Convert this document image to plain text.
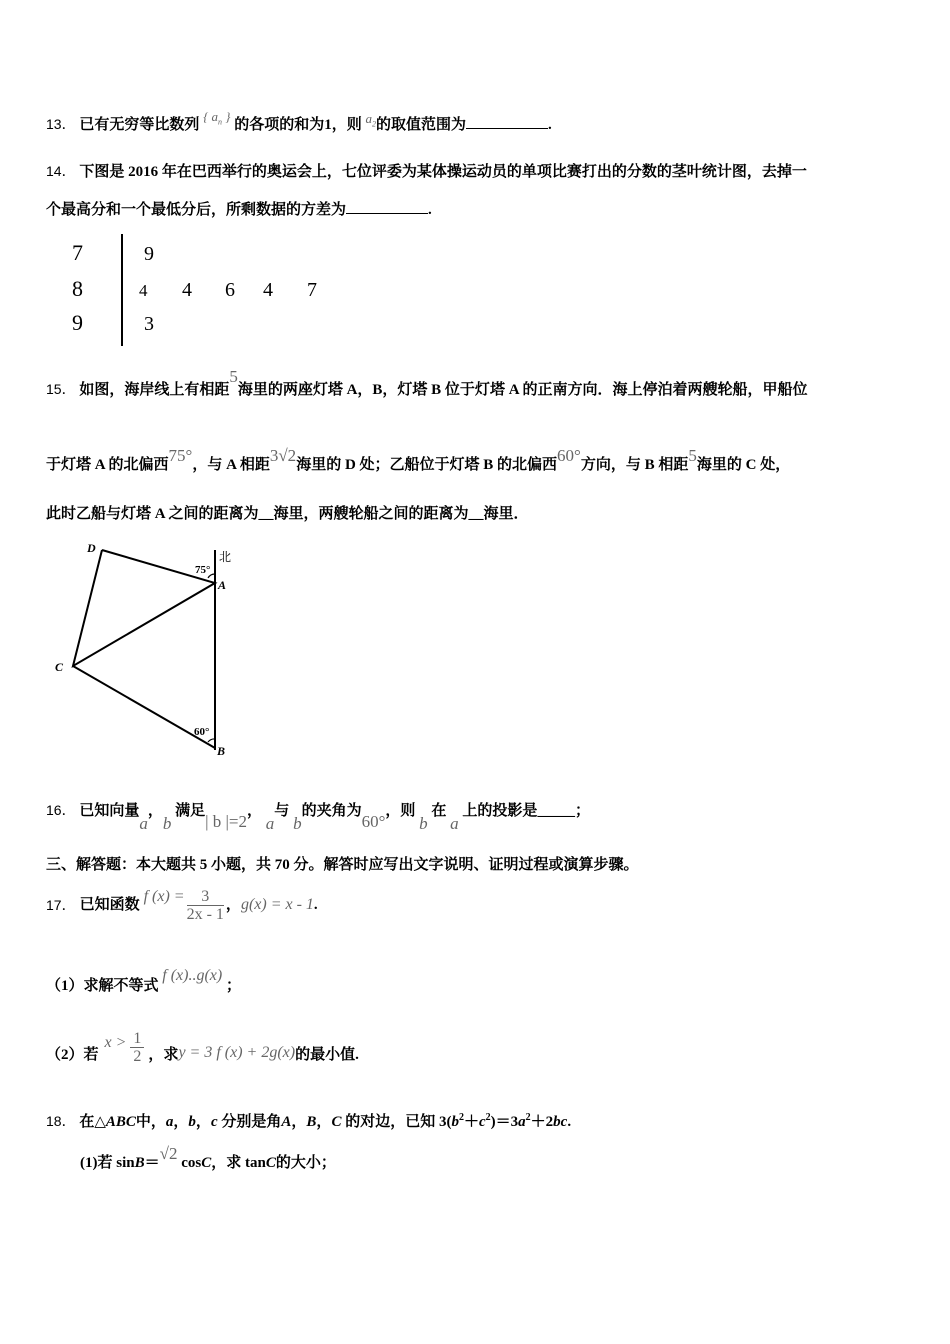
13． 已有无穷等比数列 { $a_n$ } 的各项的和为1，则 $a_2$的取值范围为	.
14． 下图是 2016 年在巴西举行的奥运会上，七位评委为某体操运动员的单项比赛打出的分数的茎叶统计图，去掉一
个最高分和一个最低分后，所剩数据的方差为	.
7
8
9
9
4 4 6 4 7
3
15． 如图，海岸线上有相距5海里的两座灯塔 A，B，灯塔 B 位于灯塔 A 的正南方向．海上停泊着两艘轮船，甲船位
于灯塔 A 的北偏西75°，与 A 相距3√2海里的 D 处；乙船位于灯塔 B 的北偏西60°方向，与 B 相距5海里的 C 处，
此时乙船与灯塔 A 之间的距离为__海里，两艘轮船之间的距离为__海里．
D
A
B
C
北
75°
60°
16． 已知向量a，b 满足| b |=2， a与 b的夹角为60°，则 b 在 a 上的投影是_____；
三、解答题：本大题共 5 小题，共 70 分。解答时应写出文字说明、证明过程或演算步骤。
17． 已知函数 f $(x) = \frac{3}{2x - 1}$ ， g(x) = x - 1 .
（1）求解不等式 f (x)..g(x) ；
（2）若
$x > \frac{1}{2}$ ，求 y = 3 f (x) + 2g(x) 的最小值.
18． 在△ABC中，a，b，c 分别是角A，B，C 的对边，已知 $3(b^2+c^2)=3a^2+2bc$.
(1)若 sinB＝√2 cosC，求 tanC的大小；
